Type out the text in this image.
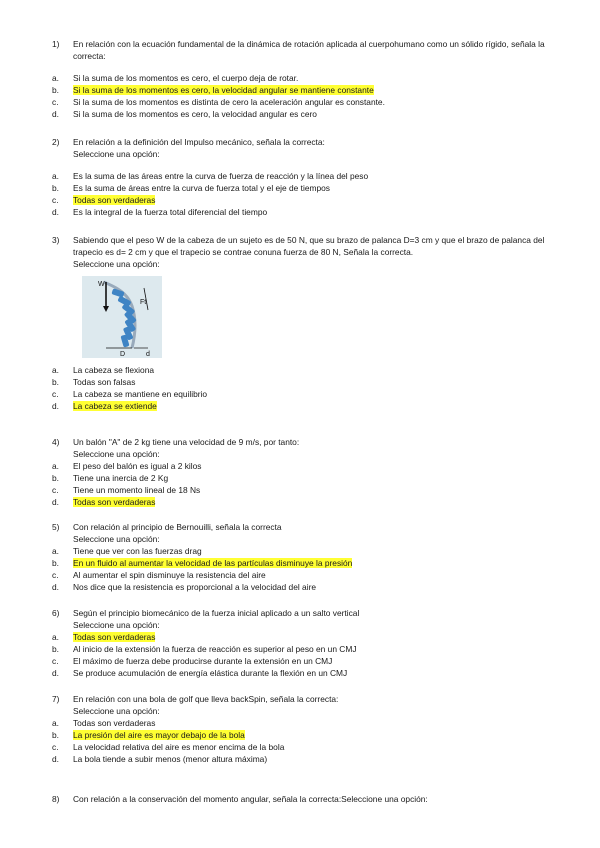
1) En relación con la ecuación fundamental de la dinámica de rotación aplicada al cuerpohumano como un sólido rígido, señala la correcta:
a. Si la suma de los momentos es cero, el cuerpo deja de rotar.
b. Si la suma de los momentos es cero, la velocidad angular se mantiene constante
c. Si la suma de los momentos es distinta de cero la aceleración angular es constante.
d. Si la suma de los momentos es cero, la velocidad angular es cero
2) En relación a la definición del Impulso mecánico, señala la correcta:
Seleccione una opción:
a. Es la suma de las áreas entre la curva de fuerza de reacción y la línea del peso
b. Es la suma de áreas entre la curva de fuerza total y el eje de tiempos
c. Todas son verdaderas
d. Es la integral de la fuerza total diferencial del tiempo
3) Sabiendo que el peso W de la cabeza de un sujeto es de 50 N, que su brazo de palanca D=3 cm y que el brazo de palanca del trapecio es d= 2 cm y que el trapecio se contrae conuna fuerza de 80 N, Señala la correcta.
Seleccione una opción:
W
Ft
D	d
a. La cabeza se flexiona
b. Todas son falsas
c. La cabeza se mantiene en equilibrio
d. La cabeza se extiende
4) Un balón "A" de 2 kg tiene una velocidad de 9 m/s, por tanto:
Seleccione una opción:
a. El peso del balón es igual a 2 kilos
b. Tiene una inercia de 2 Kg
c. Tiene un momento lineal de 18 Ns
d. Todas son verdaderas
5) Con relación al principio de Bernouilli, señala la correcta
Seleccione una opción:
a. Tiene que ver con las fuerzas drag
b. En un fluido al aumentar la velocidad de las partículas disminuye la presión
c. Al aumentar el spin disminuye la resistencia del aire
d. Nos dice que la resistencia es proporcional a la velocidad del aire
6) Según el principio biomecánico de la fuerza inicial aplicado a un salto vertical
Seleccione una opción:
a. Todas son verdaderas
b. Al inicio de la extensión la fuerza de reacción es superior al peso en un CMJ
c. El máximo de fuerza debe producirse durante la extensión en un CMJ
d. Se produce acumulación de energía elástica durante la flexión en un CMJ
7) En relación con una bola de golf que lleva backSpin, señala la correcta:
Seleccione una opción:
a. Todas son verdaderas
b. La presión del aire es mayor debajo de la bola
c. La velocidad relativa del aire es menor encima de la bola
d. La bola tiende a subir menos (menor altura máxima)
8) Con relación a la conservación del momento angular, señala la correcta:Seleccione una opción:
